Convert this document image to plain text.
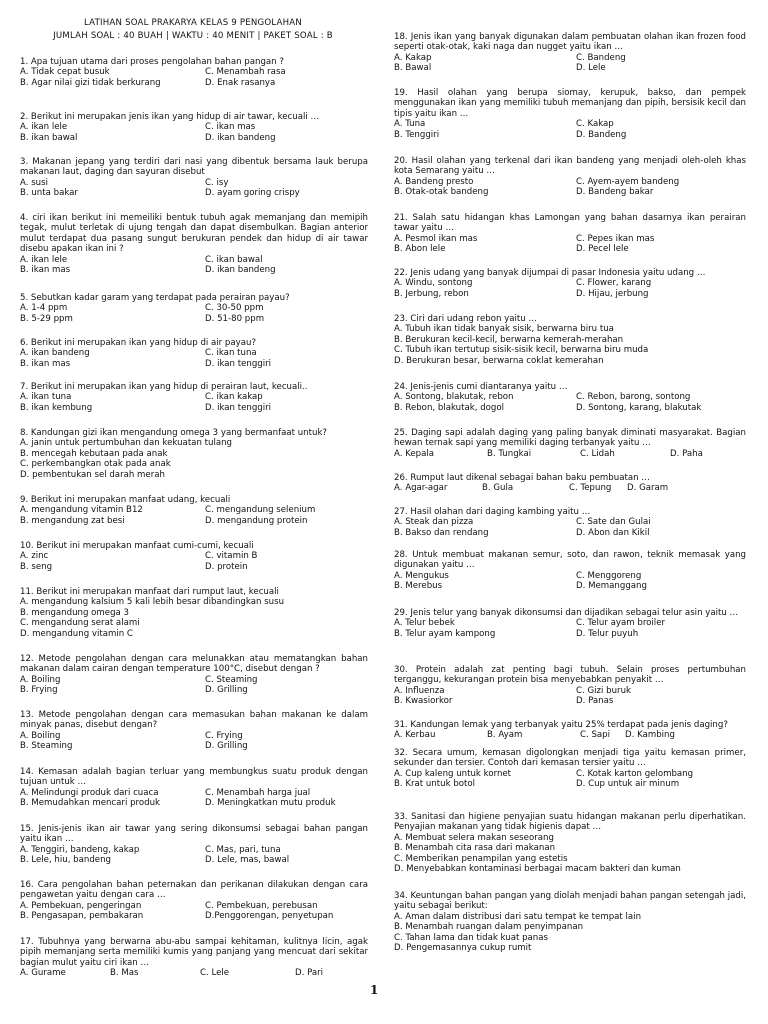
LATIHAN SOAL PRAKARYA KELAS 9 PENGOLAHAN
JUMLAH SOAL : 40 BUAH | WAKTU : 40 MENIT | PAKET SOAL : B
1. Apa tujuan utama dari proses pengolahan bahan pangan ?
A. Tidak cepat busuk	C. Menambah rasa
B. Agar nilai gizi tidak berkurang	D. Enak rasanya
2. Berikut ini merupakan jenis ikan yang hidup di air tawar, kecuali …
A. ikan lele	C. ikan mas
B. ikan bawal	D. ikan bandeng
3. Makanan jepang yang terdiri dari nasi yang dibentuk bersama lauk berupa makanan laut, daging dan sayuran disebut
A. susi	C. isy
B. unta bakar	D. ayam goring crispy
4. ciri ikan berikut ini memeiliki bentuk tubuh agak memanjang dan memipih tegak, mulut terletak di ujung tengah dan dapat disembulkan. Bagian anterior mulut terdapat dua pasang sungut berukuran pendek dan hidup di air tawar disebu apakan ikan ini ?
A. ikan lele	C. ikan bawal
B. ikan mas	D. ikan bandeng
5. Sebutkan kadar garam yang terdapat pada perairan payau?
A. 1-4 ppm	C. 30-50 ppm
B. 5-29 ppm	D. 51-80 ppm
6. Berikut ini merupakan ikan yang hidup di air payau?
A. ikan bandeng	C. ikan tuna
B. ikan mas	D. ikan tenggiri
7. Berikut ini merupakan ikan yang hidup di perairan laut, kecuali..
A. ikan tuna	C. ikan kakap
B. ikan kembung	D. ikan tenggiri
8. Kandungan gizi ikan mengandung omega 3 yang bermanfaat untuk?
A. janin untuk pertumbuhan dan kekuatan tulang
B. mencegah kebutaan pada anak
C. perkembangkan otak pada anak
D. pembentukan sel darah merah
9. Berikut ini merupakan manfaat udang, kecuali
A. mengandung vitamin B12	C. mengandung selenium
B. mengandung zat besi	D. mengandung protein
10. Berikut ini merupakan manfaat cumi-cumi, kecuali
A. zinc	C. vitamin B
B. seng	D. protein
11. Berikut ini merupakan manfaat dari rumput laut, kecuali
A. mengandung kalsium 5 kali lebih besar dibandingkan susu
B. mengandung omega 3
C. mengandung serat alami
D. mengandung vitamin C
12. Metode pengolahan dengan cara melunakkan atau mematangkan bahan makanan dalam cairan dengan temperature 100°C, disebut dengan ?
A. Boiling	C. Steaming
B. Frying	D. Grilling
13. Metode pengolahan dengan cara memasukan bahan makanan ke dalam minyak panas, disebut dengan?
A. Boiling	C. Frying
B. Steaming	D. Grilling
14. Kemasan adalah bagian terluar yang membungkus suatu produk dengan tujuan untuk …
A. Melindungi produk dari cuaca	C. Menambah harga jual
B. Memudahkan mencari produk	D. Meningkatkan mutu produk
15. Jenis-jenis ikan air tawar yang sering dikonsumsi sebagai bahan pangan yaitu ikan …
A. Tenggiri, bandeng, kakap	C. Mas, pari, tuna
B. Lele, hiu, bandeng	D. Lele, mas, bawal
16. Cara pengolahan bahan peternakan dan perikanan dilakukan dengan cara pengawetan yaitu dengan cara …
A. Pembekuan, pengeringan	C. Pembekuan, perebusan
B. Pengasapan, pembakaran	D.Penggorengan, penyetupan
17. Tubuhnya yang berwarna abu-abu sampai kehitaman, kulitnya licin, agak pipih memanjang serta memiliki kumis yang panjang yang mencuat dari sekitar bagian mulut yaitu ciri ikan …
A. Gurame	B. Mas	C. Lele	D. Pari
18. Jenis ikan yang banyak digunakan dalam pembuatan olahan ikan frozen food seperti otak-otak, kaki naga dan nugget yaitu ikan …
A. Kakap	C. Bandeng
B. Bawal	D. Lele
19. Hasil olahan yang berupa siomay, kerupuk, bakso, dan pempek menggunakan ikan yang memiliki tubuh memanjang dan pipih, bersisik kecil dan tipis yaitu ikan …
A. Tuna	C. Kakap
B. Tenggiri	D. Bandeng
20. Hasil olahan yang terkenal dari ikan bandeng yang menjadi oleh-oleh khas kota Semarang yaitu …
A. Bandeng presto	C. Ayem-ayem bandeng
B. Otak-otak bandeng	D. Bandeng bakar
21. Salah satu hidangan khas Lamongan yang bahan dasarnya ikan perairan tawar yaitu …
A. Pesmol ikan mas	C. Pepes ikan mas
B. Abon lele	D. Pecel lele
22. Jenis udang yang banyak dijumpai di pasar Indonesia yaitu udang …
A. Windu, sontong	C. Flower, karang
B. Jerbung, rebon	D. Hijau, jerbung
23. Ciri dari udang rebon yaitu …
A. Tubuh ikan tidak banyak sisik, berwarna biru tua
B. Berukuran kecil-kecil, berwarna kemerah-merahan
C. Tubuh ikan tertutup sisik-sisik kecil, berwarna biru muda
D. Berukuran besar, berwarna coklat kemerahan
24. Jenis-jenis cumi diantaranya yaitu …
A. Sontong, blakutak, rebon	C. Rebon, barong, sontong
B. Rebon, blakutak, dogol	D. Sontong, karang, blakutak
25. Daging sapi adalah daging yang paling banyak diminati masyarakat. Bagian hewan ternak sapi yang memiliki daging terbanyak yaitu …
A. Kepala	B. Tungkai	C. Lidah	D. Paha
26. Rumput laut dikenal sebagai bahan baku pembuatan …
A. Agar-agar	B. Gula	C. Tepung	D. Garam
27. Hasil olahan dari daging kambing yaitu …
A. Steak dan pizza	C. Sate dan Gulai
B. Bakso dan rendang	D. Abon dan Kikil
28. Untuk membuat makanan semur, soto, dan rawon, teknik memasak yang digunakan yaitu …
A. Mengukus	C. Menggoreng
B. Merebus	D. Memanggang
29. Jenis telur yang banyak dikonsumsi dan dijadikan sebagai telur asin yaitu …
A. Telur bebek	C. Telur ayam broiler
B. Telur ayam kampong	D. Telur puyuh
30. Protein adalah zat penting bagi tubuh. Selain proses pertumbuhan terganggu, kekurangan protein bisa menyebabkan penyakit …
A. Influenza	C. Gizi buruk
B. Kwasiorkor	D. Panas
31. Kandungan lemak yang terbanyak yaitu 25% terdapat pada jenis daging?
A. Kerbau	B. Ayam	C. Sapi	D. Kambing
32. Secara umum, kemasan digolongkan menjadi tiga yaitu kemasan primer, sekunder dan tersier. Contoh dari kemasan tersier yaitu …
A. Cup kaleng untuk kornet	C. Kotak karton gelombang
B. Krat untuk botol	D. Cup untuk air minum
33. Sanitasi dan higiene penyajian suatu hidangan makanan perlu diperhatikan. Penyajian makanan yang tidak higienis dapat …
A. Membuat selera makan seseorang
B. Menambah cita rasa dari makanan
C. Memberikan penampilan yang estetis
D. Menyebabkan kontaminasi berbagai macam bakteri dan kuman
34. Keuntungan bahan pangan yang diolah menjadi bahan pangan setengah jadi, yaitu sebagai berikut:
A. Aman dalam distribusi dari satu tempat ke tempat lain
B. Menambah ruangan dalam penyimpanan
C. Tahan lama dan tidak kuat panas
D. Pengemasannya cukup rumit
1
